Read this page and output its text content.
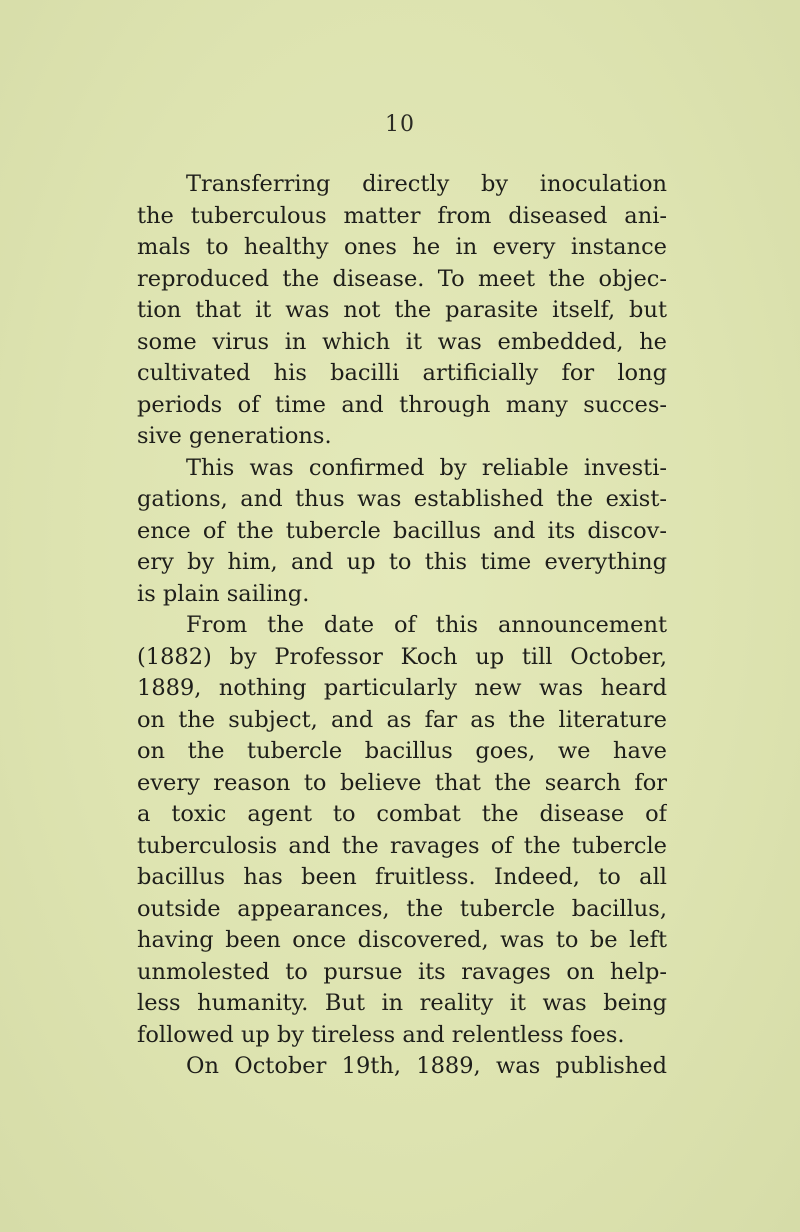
10
Transferring directly by inoculation
the tuberculous matter from diseased ani-
mals to healthy ones he in every instance
reproduced the disease. To meet the objec-
tion that it was not the parasite itself, but
some virus in which it was embedded, he
cultivated his bacilli artificially for long
periods of time and through many succes-
sive generations.
This was confirmed by reliable investi-
gations, and thus was established the exist-
ence of the tubercle bacillus and its discov-
ery by him, and up to this time everything
is plain sailing.
From the date of this announcement
(1882) by Professor Koch up till October,
1889, nothing particularly new was heard
on the subject, and as far as the literature
on the tubercle bacillus goes, we have
every reason to believe that the search for
a toxic agent to combat the disease of
tuberculosis and the ravages of the tubercle
bacillus has been fruitless. Indeed, to all
outside appearances, the tubercle bacillus,
having been once discovered, was to be left
unmolested to pursue its ravages on help-
less humanity. But in reality it was being
followed up by tireless and relentless foes.
On October 19th, 1889, was published
